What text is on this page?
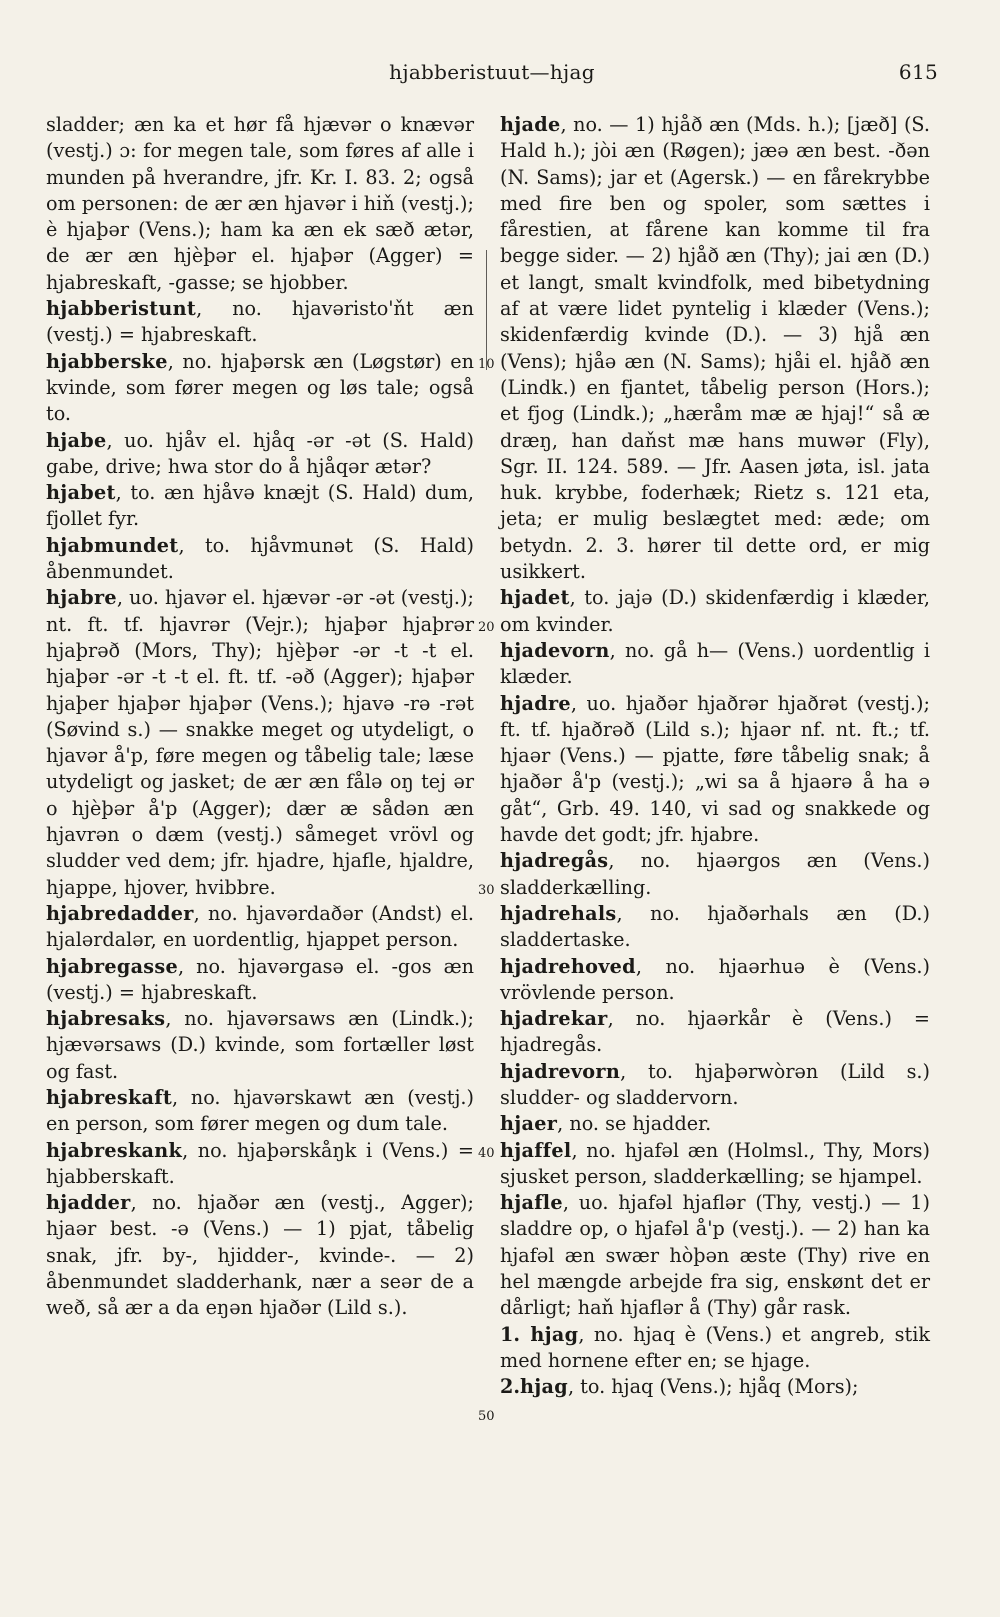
hjabberistuut—hjag	615

sladder; æn ka et hør få hjævər o knævər (vestj.) ɔ: for megen tale, som føres af alle i munden på hverandre, jfr. Kr. I. 83. 2; også om personen: de ær æn hjavər i hiň (vestj.); è hjaþər (Vens.); ham ka æn ek sæð ætər, de ær æn hjèþər el. hjaþər (Agger) = hjabreskaft, -gasse; se hjobber.

hjabberistunt, no. hjavəristo'ňt æn (vestj.) = hjabreskaft.

hjabberske, no. hjaþərsk æn (Løgstør) en kvinde, som fører megen og løs tale; også to.

hjabe, uo. hjåv el. hjåq -ər -ət (S. Hald) gabe, drive; hwa stor do å hjåqər ætər?

hjabet, to. æn hjåvə knæjt (S. Hald) dum, fjollet fyr.

hjabmundet, to. hjåvmunət (S. Hald) åbenmundet.

hjabre, uo. hjavər el. hjævər -ər -ət (vestj.); nt. ft. tf. hjavrər (Vejr.); hjaþər hjaþrər hjaþrəð (Mors, Thy); hjèþər -ər -t -t el. hjaþər -ər -t -t el. ft. tf. -əð (Agger); hjaþər hjaþer hjaþər hjaþər (Vens.); hjavə -rə -rət (Søvind s.) — snakke meget og utydeligt, o hjavər å'p, føre megen og tåbelig tale; læse utydeligt og jasket; de ær æn fålə oŋ tej ər o hjèþər å'p (Agger); dær æ sådən æn hjavrən o dæm (vestj.) såmeget vrövl og sludder ved dem; jfr. hjadre, hjafle, hjaldre, hjappe, hjover, hvibbre.

hjabredadder, no. hjavərdaðər (Andst) el. hjalərdalər, en uordentlig, hjappet person.

hjabregasse, no. hjavərgasə el. -gos æn (vestj.) = hjabreskaft.

hjabresaks, no. hjavərsaws æn (Lindk.); hjævərsaws (D.) kvinde, som fortæller løst og fast.

hjabreskaft, no. hjavərskawt æn (vestj.) en person, som fører megen og dum tale.

hjabreskank, no. hjaþərskåŋk i (Vens.) = hjabberskaft.

hjadder, no. hjaðər æn (vestj., Agger); hjaər best. -ə (Vens.) — 1) pjat, tåbelig snak, jfr. by-, hjidder-, kvinde-. — 2) åbenmundet sladderhank, nær a seər de a weð, så ær a da eŋən hjaðər (Lild s.).

10
20
30
40
50

hjade, no. — 1) hjåð æn (Mds. h.); [jæð] (S. Hald h.); jòi æn (Røgen); jæə æn best. -ðən (N. Sams); jar et (Agersk.) — en fårekrybbe med fire ben og spoler, som sættes i fårestien, at fårene kan komme til fra begge sider. — 2) hjåð æn (Thy); jai æn (D.) et langt, smalt kvindfolk, med bibetydning af at være lidet pyntelig i klæder (Vens.); skidenfærdig kvinde (D.). — 3) hjå æn (Vens); hjåə æn (N. Sams); hjåi el. hjåð æn (Lindk.) en fjantet, tåbelig person (Hors.); et fjog (Lindk.); „hæråm mæ æ hjaj!“ så æ dræŋ, han daňst mæ hans muwər (Fly), Sgr. II. 124. 589. — Jfr. Aasen jøta, isl. jata huk. krybbe, foderhæk; Rietz s. 121 eta, jeta; er mulig beslægtet med: æde; om betydn. 2. 3. hører til dette ord, er mig usikkert.

hjadet, to. jajə (D.) skidenfærdig i klæder, om kvinder.

hjadevorn, no. gå h— (Vens.) uordentlig i klæder.

hjadre, uo. hjaðər hjaðrər hjaðrət (vestj.); ft. tf. hjaðrəð (Lild s.); hjaər nf. nt. ft.; tf. hjaər (Vens.) — pjatte, føre tåbelig snak; å hjaðər å'p (vestj.); „wi sa å hjaərə å ha ə gåt“, Grb. 49. 140, vi sad og snakkede og havde det godt; jfr. hjabre.

hjadregås, no. hjaərgos æn (Vens.) sladderkælling.

hjadrehals, no. hjaðərhals æn (D.) sladdertaske.

hjadrehoved, no. hjaərhuə è (Vens.) vrövlende person.

hjadrekar, no. hjaərkår è (Vens.) = hjadregås.

hjadrevorn, to. hjaþərwòrən (Lild s.) sludder- og sladdervorn.

hjaer, no. se hjadder.

hjaffel, no. hjafəl æn (Holmsl., Thy, Mors) sjusket person, sladderkælling; se hjampel.

hjafle, uo. hjafəl hjaflər (Thy, vestj.) — 1) sladdre op, o hjafəl å'p (vestj.). — 2) han ka hjafəl æn swær hòþən æste (Thy) rive en hel mængde arbejde fra sig, enskønt det er dårligt; haň hjaflər å (Thy) går rask.

1. hjag, no. hjaq è (Vens.) et angreb, stik med hornene efter en; se hjage.

2.hjag, to. hjaq (Vens.); hjåq (Mors);
